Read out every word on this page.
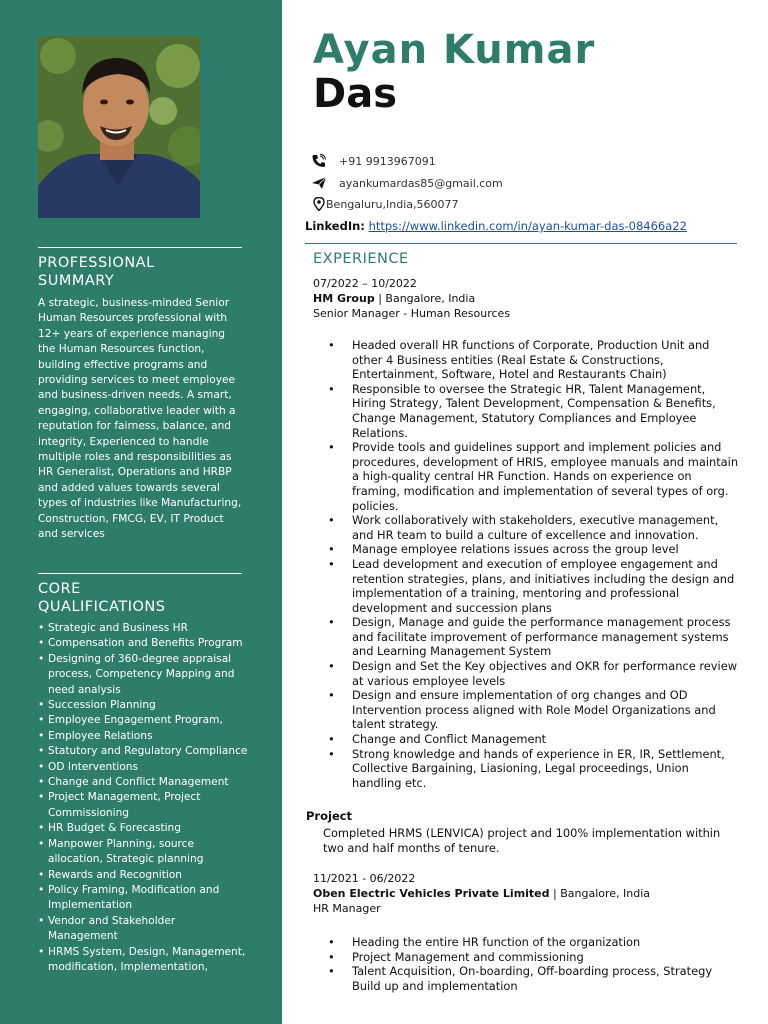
PROFESSIONAL
SUMMARY
A strategic, business-minded Senior Human Resources professional with 12+ years of experience managing the Human Resources function, building effective programs and providing services to meet employee and business-driven needs. A smart, engaging, collaborative leader with a reputation for fairness, balance, and integrity, Experienced to handle multiple roles and responsibilities as HR Generalist, Operations and HRBP and added values towards several types of industries like Manufacturing, Construction, FMCG, EV, IT Product and services
CORE
QUALIFICATIONS
• Strategic and Business HR
• Compensation and Benefits Program
• Designing of 360-degree appraisal process, Competency Mapping and need analysis
• Succession Planning
• Employee Engagement Program,
• Employee Relations
• Statutory and Regulatory Compliance
• OD Interventions
• Change and Conflict Management
• Project Management, Project Commissioning
• HR Budget & Forecasting
• Manpower Planning, source allocation, Strategic planning
• Rewards and Recognition
• Policy Framing, Modification and Implementation
• Vendor and Stakeholder Management
• HRMS System, Design, Management, modification, Implementation,
Ayan Kumar
Das
+91 9913967091
ayankumardas85@gmail.com
Bengaluru,India,560077
LinkedIn: https://www.linkedin.com/in/ayan-kumar-das-08466a22
EXPERIENCE
07/2022 – 10/2022
HM Group | Bangalore, India
Senior Manager - Human Resources
• Headed overall HR functions of Corporate, Production Unit and other 4 Business entities (Real Estate & Constructions, Entertainment, Software, Hotel and Restaurants Chain)
• Responsible to oversee the Strategic HR, Talent Management, Hiring Strategy, Talent Development, Compensation & Benefits, Change Management, Statutory Compliances and Employee Relations.
• Provide tools and guidelines support and implement policies and procedures, development of HRIS, employee manuals and maintain a high-quality central HR Function. Hands on experience on framing, modification and implementation of several types of org. policies.
• Work collaboratively with stakeholders, executive management, and HR team to build a culture of excellence and innovation.
• Manage employee relations issues across the group level
• Lead development and execution of employee engagement and retention strategies, plans, and initiatives including the design and implementation of a training, mentoring and professional development and succession plans
• Design, Manage and guide the performance management process and facilitate improvement of performance management systems and Learning Management System
• Design and Set the Key objectives and OKR for performance review at various employee levels
• Design and ensure implementation of org changes and OD Intervention process aligned with Role Model Organizations and talent strategy.
• Change and Conflict Management
• Strong knowledge and hands of experience in ER, IR, Settlement, Collective Bargaining, Liasioning, Legal proceedings, Union handling etc.
Project
Completed HRMS (LENVICA) project and 100% implementation within two and half months of tenure.
11/2021 - 06/2022
Oben Electric Vehicles Private Limited | Bangalore, India
HR Manager
• Heading the entire HR function of the organization
• Project Management and commissioning
• Talent Acquisition, On-boarding, Off-boarding process, Strategy Build up and implementation
